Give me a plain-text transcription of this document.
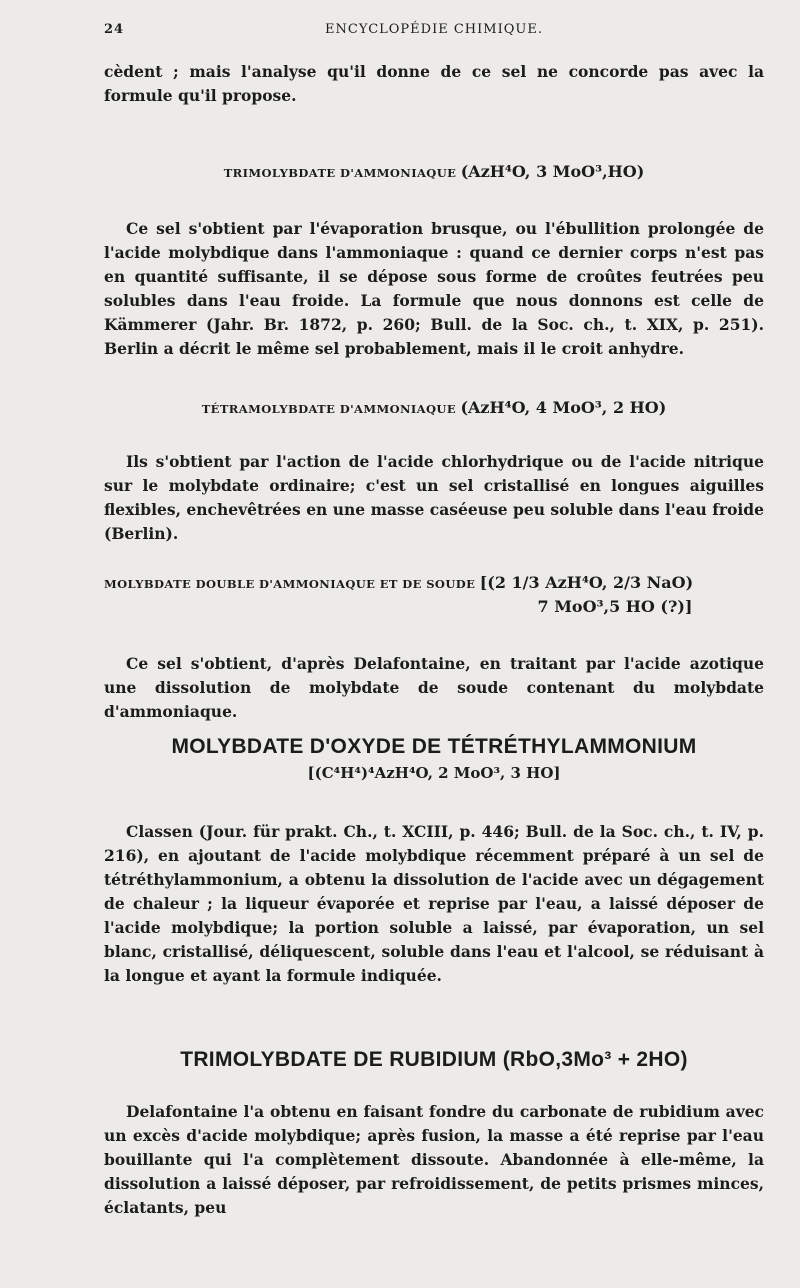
24	ENCYCLOPÉDIE CHIMIQUE.

cèdent ; mais l'analyse qu'il donne de ce sel ne concorde pas avec la formule qu'il propose.

TRIMOLYBDATE D'AMMONIAQUE (AzH⁴O, 3 MoO³,HO)

Ce sel s'obtient par l'évaporation brusque, ou l'ébullition prolongée de l'acide molybdique dans l'ammoniaque : quand ce dernier corps n'est pas en quantité suffisante, il se dépose sous forme de croûtes feutrées peu solubles dans l'eau froide. La formule que nous donnons est celle de Kämmerer (Jahr. Br. 1872, p. 260; Bull. de la Soc. ch., t. XIX, p. 251). Berlin a décrit le même sel probablement, mais il le croit anhydre.

TÉTRAMOLYBDATE D'AMMONIAQUE (AzH⁴O, 4 MoO³, 2 HO)

Ils s'obtient par l'action de l'acide chlorhydrique ou de l'acide nitrique sur le molybdate ordinaire; c'est un sel cristallisé en longues aiguilles flexibles, enchevêtrées en une masse caséeuse peu soluble dans l'eau froide (Berlin).

MOLYBDATE DOUBLE D'AMMONIAQUE ET DE SOUDE [(2 1/3 AzH⁴O, 2/3 NaO)

7 MoO³,5 HO (?)]

Ce sel s'obtient, d'après Delafontaine, en traitant par l'acide azotique une dissolution de molybdate de soude contenant du molybdate d'ammoniaque.

MOLYBDATE D'OXYDE DE TÉTRÉTHYLAMMONIUM

[(C⁴H⁴)⁴AzH⁴O, 2 MoO³, 3 HO]

Classen (Jour. für prakt. Ch., t. XCIII, p. 446; Bull. de la Soc. ch., t. IV, p. 216), en ajoutant de l'acide molybdique récemment préparé à un sel de tétréthylammonium, a obtenu la dissolution de l'acide avec un dégagement de chaleur ; la liqueur évaporée et reprise par l'eau, a laissé déposer de l'acide molybdique; la portion soluble a laissé, par évaporation, un sel blanc, cristallisé, déliquescent, soluble dans l'eau et l'alcool, se réduisant à la longue et ayant la formule indiquée.

TRIMOLYBDATE DE RUBIDIUM (RbO,3Mo³ + 2HO)

Delafontaine l'a obtenu en faisant fondre du carbonate de rubidium avec un excès d'acide molybdique; après fusion, la masse a été reprise par l'eau bouillante qui l'a complètement dissoute. Abandonnée à elle-même, la dissolution a laissé déposer, par refroidissement, de petits prismes minces, éclatants, peu
